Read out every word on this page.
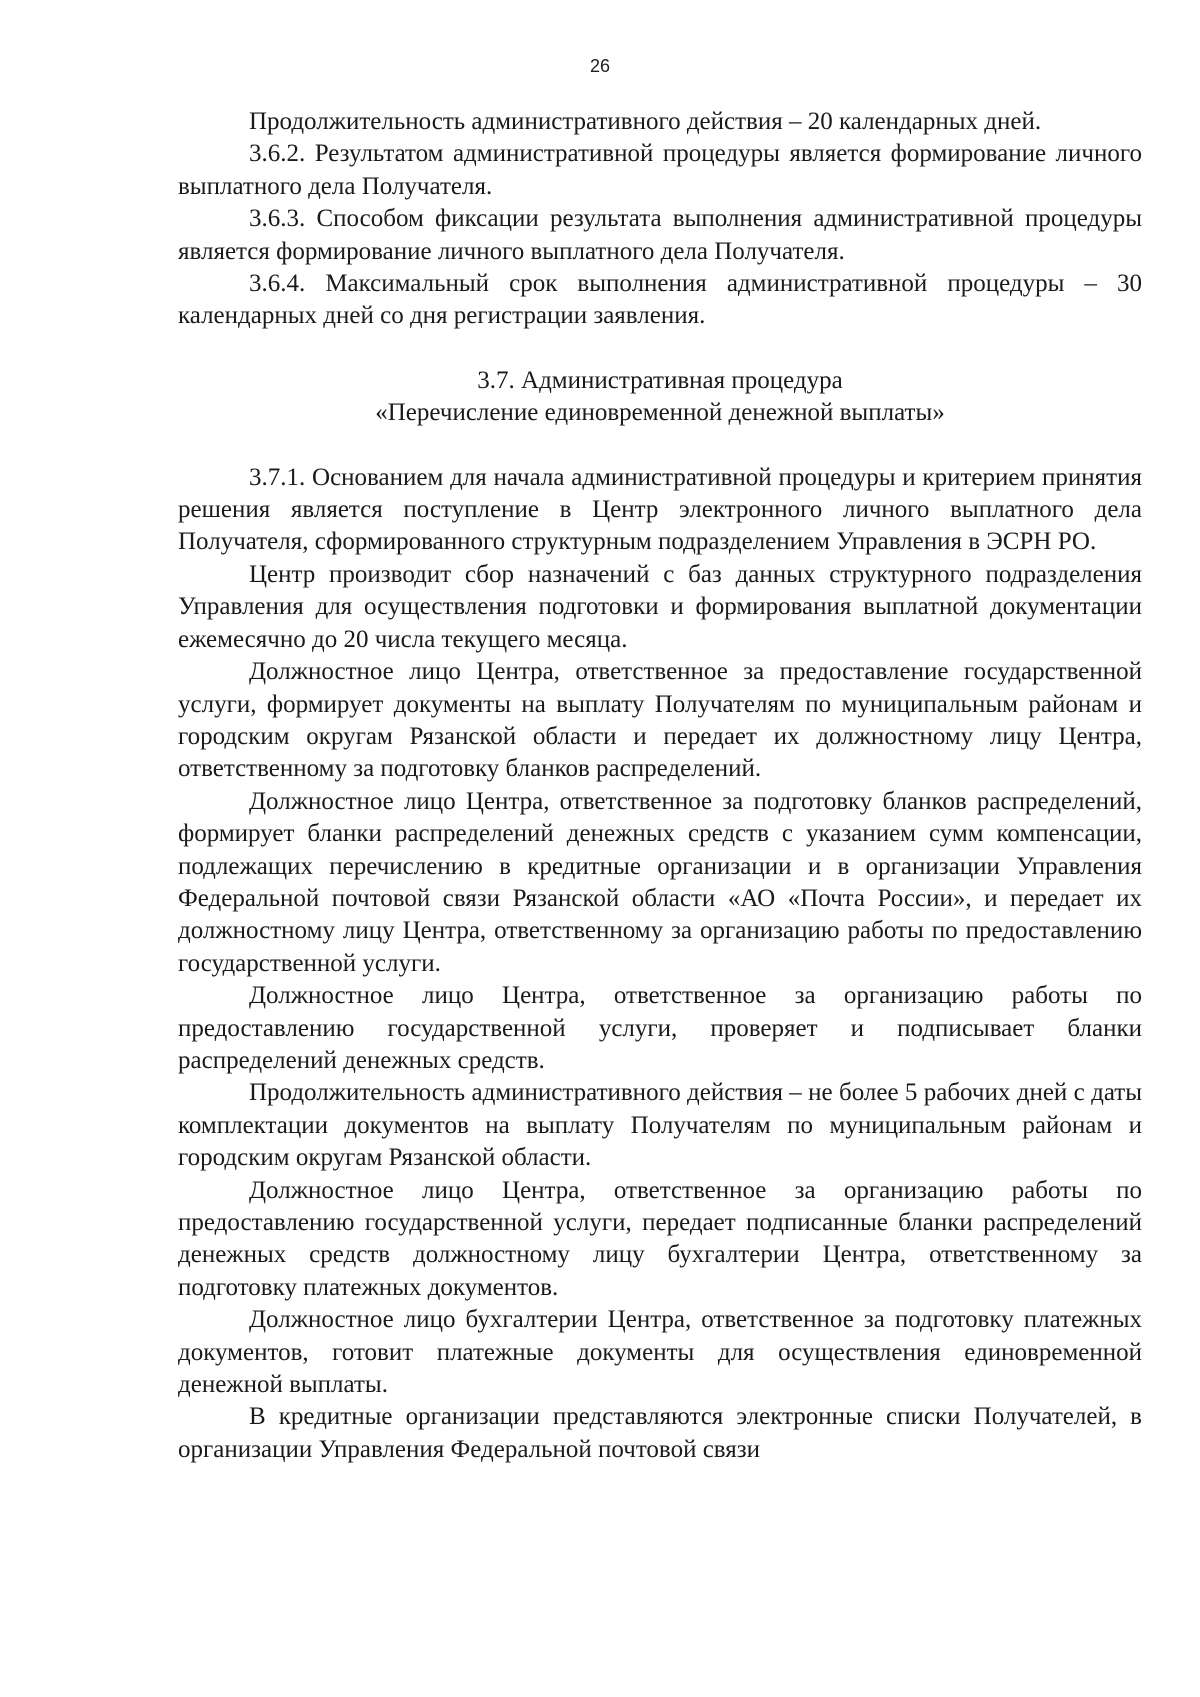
26

Продолжительность административного действия – 20 календарных дней.

3.6.2. Результатом административной процедуры является формирование личного выплатного дела Получателя.

3.6.3. Способом фиксации результата выполнения административной процедуры является формирование личного выплатного дела Получателя.

3.6.4. Максимальный срок выполнения административной процедуры – 30 календарных дней со дня регистрации заявления.

3.7. Административная процедура
«Перечисление единовременной денежной выплаты»

3.7.1. Основанием для начала административной процедуры и критерием принятия решения является поступление в Центр электронного личного выплатного дела Получателя, сформированного структурным подразделением Управления в ЭСРН РО.

Центр производит сбор назначений с баз данных структурного подразделения Управления для осуществления подготовки и формирования выплатной документации ежемесячно до 20 числа текущего месяца.

Должностное лицо Центра, ответственное за предоставление государственной услуги, формирует документы на выплату Получателям по муниципальным районам и городским округам Рязанской области и передает их должностному лицу Центра, ответственному за подготовку бланков распределений.

Должностное лицо Центра, ответственное за подготовку бланков распределений, формирует бланки распределений денежных средств с указанием сумм компенсации, подлежащих перечислению в кредитные организации и в организации Управления Федеральной почтовой связи Рязанской области «АО «Почта России», и передает их должностному лицу Центра, ответственному за организацию работы по предоставлению государственной услуги.

Должностное лицо Центра, ответственное за организацию работы по предоставлению государственной услуги, проверяет и подписывает бланки распределений денежных средств.

Продолжительность административного действия – не более 5 рабочих дней с даты комплектации документов на выплату Получателям по муниципальным районам и городским округам Рязанской области.

Должностное лицо Центра, ответственное за организацию работы по предоставлению государственной услуги, передает подписанные бланки распределений денежных средств должностному лицу бухгалтерии Центра, ответственному за подготовку платежных документов.

Должностное лицо бухгалтерии Центра, ответственное за подготовку платежных документов, готовит платежные документы для осуществления единовременной денежной выплаты.

В кредитные организации представляются электронные списки Получателей, в организации Управления Федеральной почтовой связи
